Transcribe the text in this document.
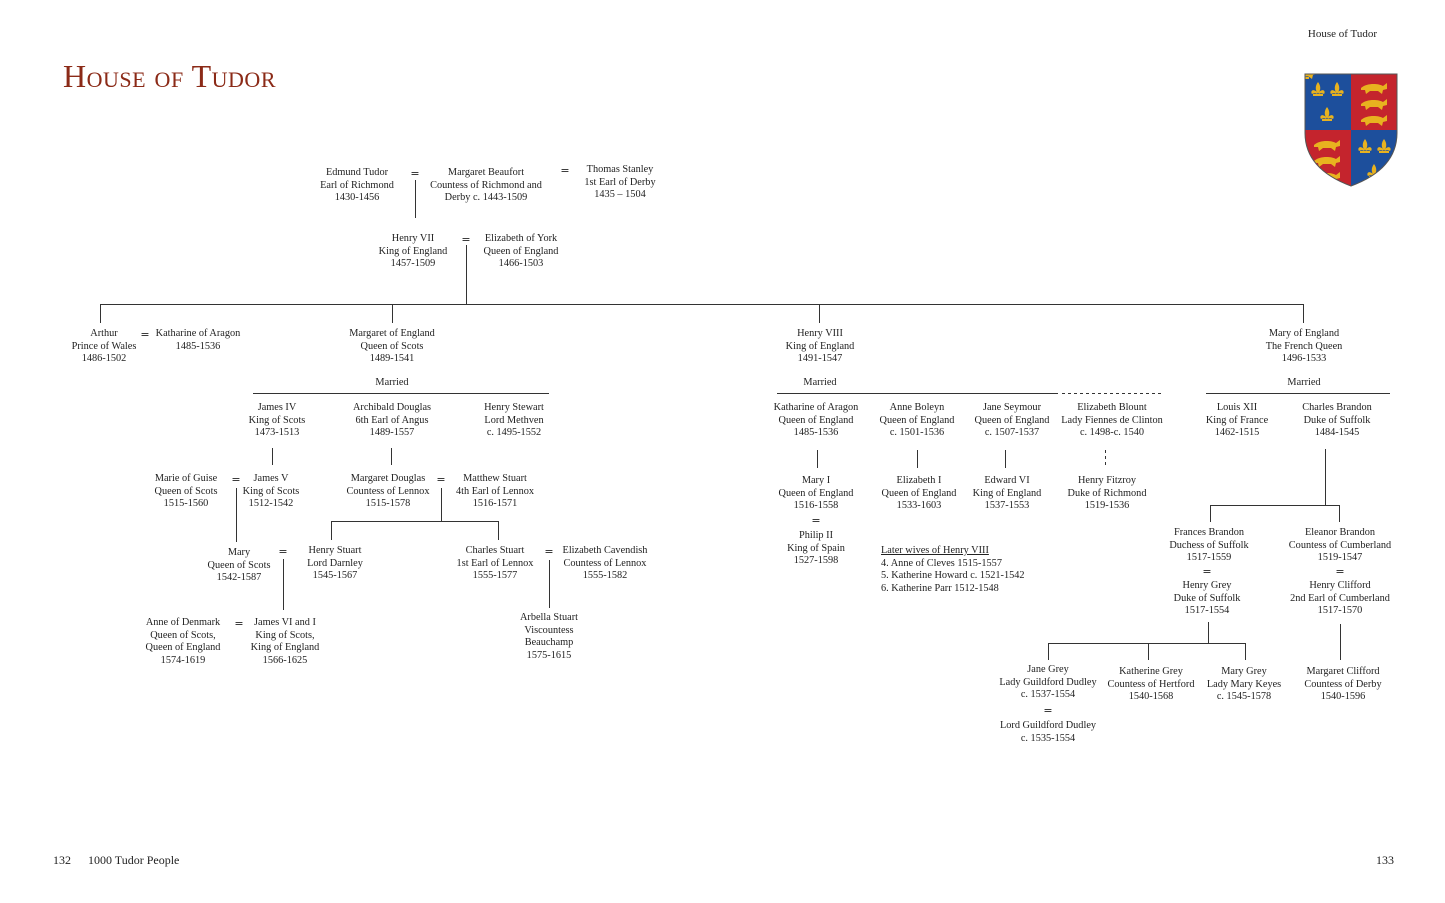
House of Tudor
House of Tudor
Edmund Tudor
Earl of Richmond
1430-1456
=	Margaret Beaufort
Countess of Richmond and
Derby c. 1443-1509
= Thomas Stanley
1st Earl of Derby
1435 – 1504
Henry VII
King of England
1457-1509
= Elizabeth of York
Queen of England
1466-1503
Arthur
Prince of Wales
1486-1502
= Katharine of Aragon
1485-1536
Margaret of England
Queen of Scots
1489-1541
Henry VIII
King of England
1491-1547
Mary of England
The French Queen
1496-1533
Married	Married	Married
James IV
King of Scots
1473-1513
Archibald Douglas
6th Earl of Angus
1489-1557
Henry Stewart
Lord Methven
c. 1495-1552
Katharine of Aragon
Queen of England
1485-1536
Anne Boleyn
Queen of England
c. 1501-1536
Jane Seymour
Queen of England
c. 1507-1537
Elizabeth Blount
Lady Fiennes de Clinton
c. 1498-c. 1540
Louis XII
King of France
1462-1515
Charles Brandon
Duke of Suffolk
1484-1545
Marie of Guise
Queen of Scots
1515-1560
=	James V
King of Scots
1512-1542
Margaret Douglas
Countess of Lennox
1515-1578
=	Matthew Stuart
4th Earl of Lennox
1516-1571
Mary I
Queen of England
1516-1558
=
Philip II
King of Spain
1527-1598
Elizabeth I
Queen of England
1533-1603
Edward VI
King of England
1537-1553
Henry Fitzroy
Duke of Richmond
1519-1536
Frances Brandon
Duchess of Suffolk
1517-1559
=
Henry Grey
Duke of Suffolk
1517-1554
Eleanor Brandon
Countess of Cumberland
1519-1547
=
Henry Clifford
2nd Earl of Cumberland
1517-1570
Later wives of Henry VIII
4. Anne of Cleves 1515-1557
5. Katherine Howard c. 1521-1542
6. Katherine Parr 1512-1548
Mary
Queen of Scots
1542-1587
= Henry Stuart
Lord Darnley
1545-1567
Charles Stuart
1st Earl of Lennox
1555-1577
= Elizabeth Cavendish
Countess of Lennox
1555-1582
Anne of Denmark
Queen of Scots,
Queen of England
1574-1619
=	James VI and I
King of Scots,
King of England
1566-1625
Arbella Stuart
Viscountess
Beauchamp
1575-1615
Jane Grey
Lady Guildford Dudley
c. 1537-1554
=
Lord Guildford Dudley
c. 1535-1554
Katherine Grey
Countess of Hertford
1540-1568
Mary Grey
Lady Mary Keyes
c. 1545-1578
Margaret Clifford
Countess of Derby
1540-1596
132 1000 Tudor People	133
